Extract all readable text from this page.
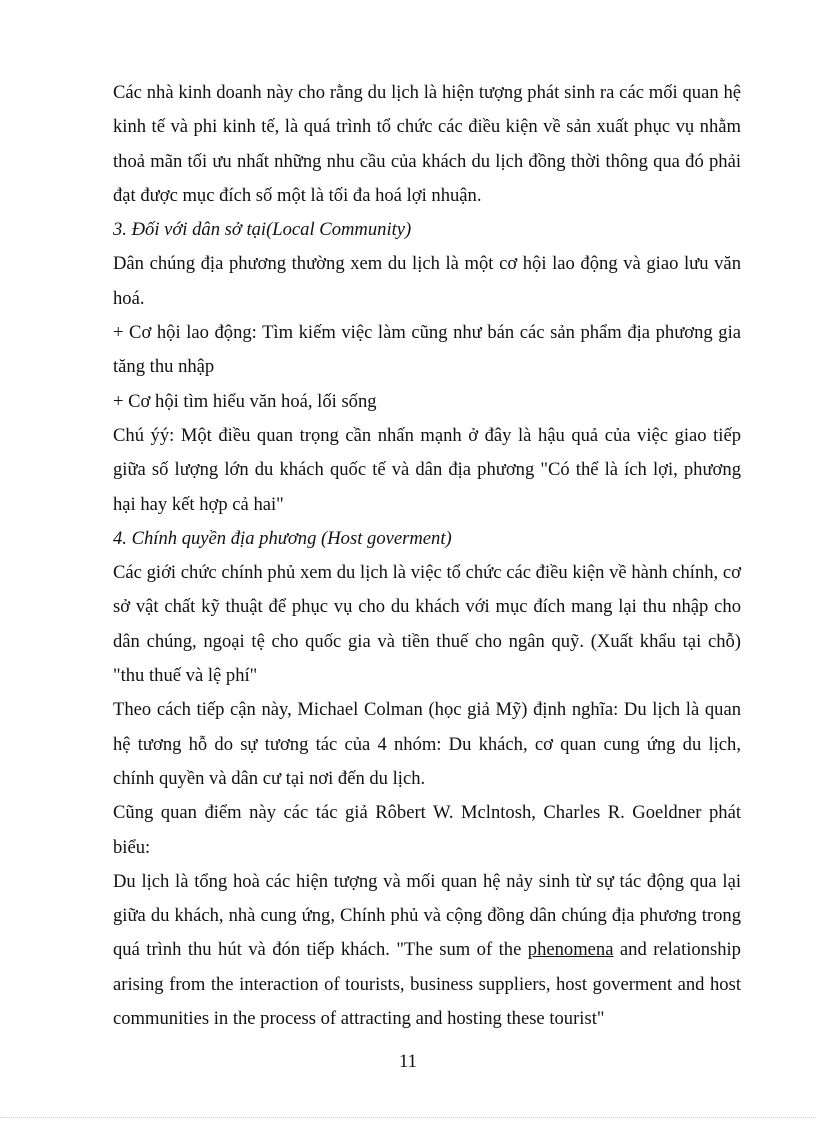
Các nhà kinh doanh này cho rằng du lịch là hiện tượng phát sinh ra các mối quan hệ kinh tế và phi kinh tế, là quá trình tổ chức các điều kiện về sản xuất phục vụ nhằm thoả mãn tối ưu nhất những nhu cầu của khách du lịch đồng thời thông qua đó phải đạt được mục đích số một là tối đa hoá lợi nhuận.

3. Đối với dân sở tại(Local Community)

Dân chúng địa phương thường xem du lịch là một cơ hội lao động và giao lưu văn hoá.

+ Cơ hội lao động: Tìm kiếm việc làm cũng như bán các sản phẩm địa phương gia tăng thu nhập

+ Cơ hội tìm hiểu văn hoá, lối sống

Chú ýý: Một điều quan trọng cần nhấn mạnh ở đây là hậu quả của việc giao tiếp giữa số lượng lớn du khách quốc tế và dân địa phương "Có thể là ích lợi, phương hại hay kết hợp cả hai"

4. Chính quyền địa phương (Host goverment)

Các giới chức chính phủ xem du lịch là việc tổ chức các điều kiện về hành chính, cơ sở vật chất kỹ thuật để phục vụ cho du khách với mục đích mang lại thu nhập cho dân chúng, ngoại tệ cho quốc gia và tiền thuế cho ngân quỹ. (Xuất khẩu tại chỗ) "thu thuế và lệ phí"

Theo cách tiếp cận này, Michael Colman (học giả Mỹ) định nghĩa: Du lịch là quan hệ tương hỗ do sự tương tác của 4 nhóm: Du khách, cơ quan cung ứng du lịch, chính quyền và dân cư tại nơi đến du lịch.

Cũng quan điểm này các tác giả Rôbert W. Mclntosh, Charles R. Goeldner phát biểu:

Du lịch là tổng hoà các hiện tượng và mối quan hệ nảy sinh từ sự tác động qua lại giữa du khách, nhà cung ứng, Chính phủ và cộng đồng dân chúng địa phương trong quá trình thu hút và đón tiếp khách. "The sum of the phenomena and relationship arising from the interaction of tourists, business suppliers, host goverment and host communities in the process of attracting and hosting these tourist"

11
